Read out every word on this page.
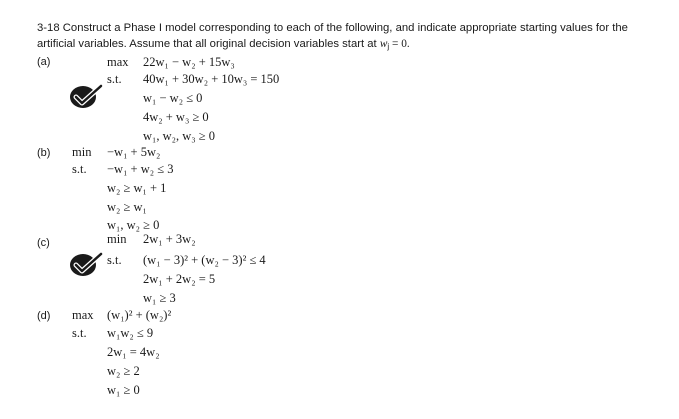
3-18 Construct a Phase I model corresponding to each of the following, and indicate appropriate starting values for the artificial variables. Assume that all original decision variables start at $w_j = 0$.
(a)	max 22w₁ − w₂ + 15w₃
s.t. 40w₁ + 30w₂ + 10w₃ = 150
w₁ − w₂ ≤ 0
4w₂ + w₃ ≥ 0
w₁, w₂, w₃ ≥ 0
(b) min −w₁ + 5w₂
s.t. −w₁ + w₂ ≤ 3
w₂ ≥ w₁ + 1
w₂ ≥ w₁
w₁, w₂ ≥ 0
(c)	min 2w₁ + 3w₂
s.t. (w₁ − 3)² + (w₂ − 3)² ≤ 4
2w₁ + 2w₂ = 5
w₁ ≥ 3
(d) max (w₁)² + (w₂)²
s.t. w₁w₂ ≤ 9
2w₁ = 4w₂
w₂ ≥ 2
w₁ ≥ 0
